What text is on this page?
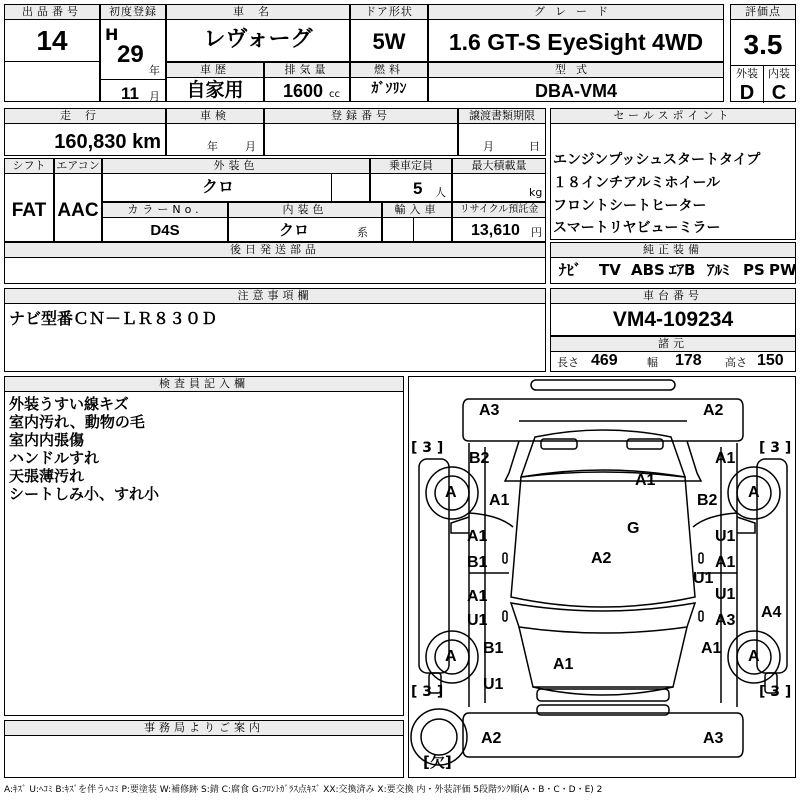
出品番号
14
初度登録
H
29
年
11 月
車名
レヴォーグ
ドア形状
5W
グレード
1.6 GT-S EyeSight 4WD
評価点
3.5
外装 内装
D C
車歴
自家用
排気量
1600 cc
燃料
ｶﾞｿﾘﾝ
型式
DBA-VM4
走行
160,830 km
車検
年 月
登録番号	譲渡書類期限
月	日
セールスポイント
エンジンプッシュスタートタイプ
１８インチアルミホイール
フロントシートヒーター
スマートリヤビューミラー
シフト
FAT
エアコン
AAC
外装色
クロ
乗車定員
5 人
最大積載量
kg
カラーNo.
D4S
内装色
クロ	系
輸入車	リサイクル預託金
13,610 円
後日発送部品	純正装備
ﾅﾋﾞ TV ABS ｴｱB ｱﾙﾐ PS PW
注意事項欄
ナビ型番ＣＮ－ＬＲ８３０Ｄ
車台番号
VM4-109234
諸元
長さ 469	幅 178 高さ 150
検査員記入欄
外装うすい線キズ
室内汚れ、動物の毛
室内内張傷
ハンドルすれ
天張薄汚れ
シートしみ小、すれ小
事務局よりご案内
[ 3 ]	[ 3 ]
[ 3 ]	[ 3 ]
A	A
A	A
A3	A2
B2	A1
A1	B2
A1
G
A1	U1
B1	A2	A1
U1
A1	U1
A3
U1	A4
B1	A1
A1
U1
A2	A3
[欠]
A:ｷｽﾞ U:ﾍｺﾐ B:ｷｽﾞを伴うﾍｺﾐ P:要塗装 W:補修跡 S:錆 C:腐食 G:ﾌﾛﾝﾄｶﾞﾗｽ点ｷｽﾞ XX:交換済み X:要交換 内・外装評価 5段階ﾗﾝｸ順(A・B・C・D・E) 2
